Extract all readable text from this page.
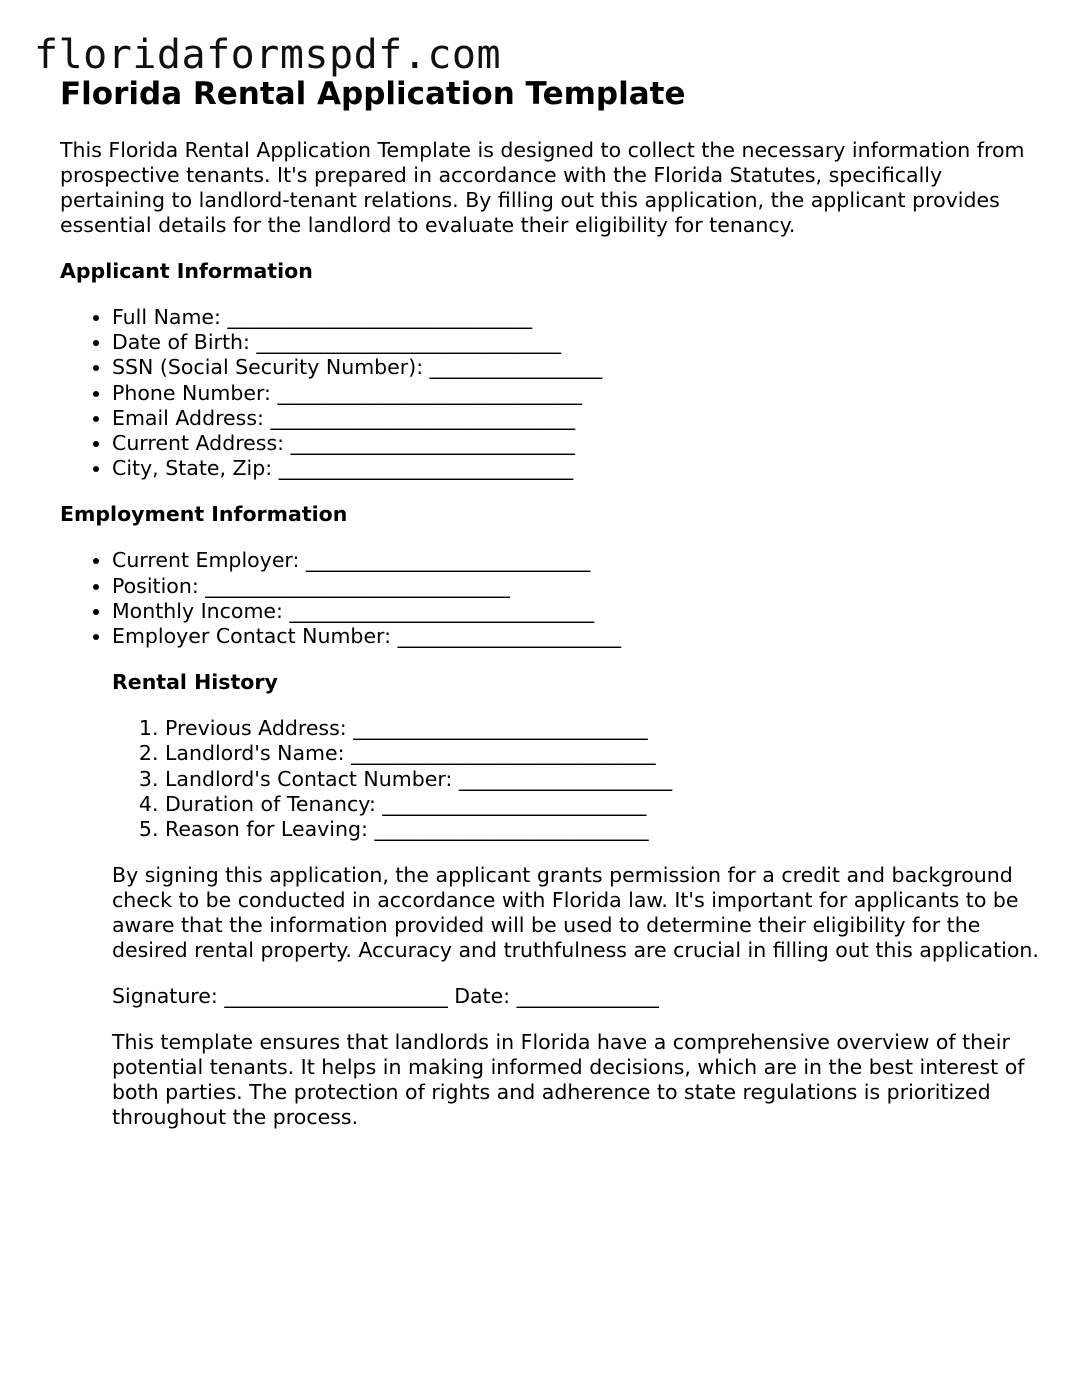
floridaformspdf.com
Florida Rental Application Template

This Florida Rental Application Template is designed to collect the necessary information from prospective tenants. It's prepared in accordance with the Florida Statutes, specifically pertaining to landlord-tenant relations. By filling out this application, the applicant provides essential details for the landlord to evaluate their eligibility for tenancy.

Applicant Information
• Full Name: ______________________________
• Date of Birth: ______________________________
• SSN (Social Security Number): _________________
• Phone Number: ______________________________
• Email Address: ______________________________
• Current Address: ____________________________
• City, State, Zip: _____________________________
Employment Information
• Current Employer: ____________________________
• Position: ______________________________
• Monthly Income: ______________________________
• Employer Contact Number: ______________________
Rental History
1. Previous Address: _____________________________
2. Landlord's Name: ______________________________
3. Landlord's Contact Number: _____________________
4. Duration of Tenancy: __________________________
5. Reason for Leaving: ___________________________

By signing this application, the applicant grants permission for a credit and background check to be conducted in accordance with Florida law. It's important for applicants to be aware that the information provided will be used to determine their eligibility for the desired rental property. Accuracy and truthfulness are crucial in filling out this application.

Signature: ______________________ Date: ______________

This template ensures that landlords in Florida have a comprehensive overview of their potential tenants. It helps in making informed decisions, which are in the best interest of both parties. The protection of rights and adherence to state regulations is prioritized throughout the process.
